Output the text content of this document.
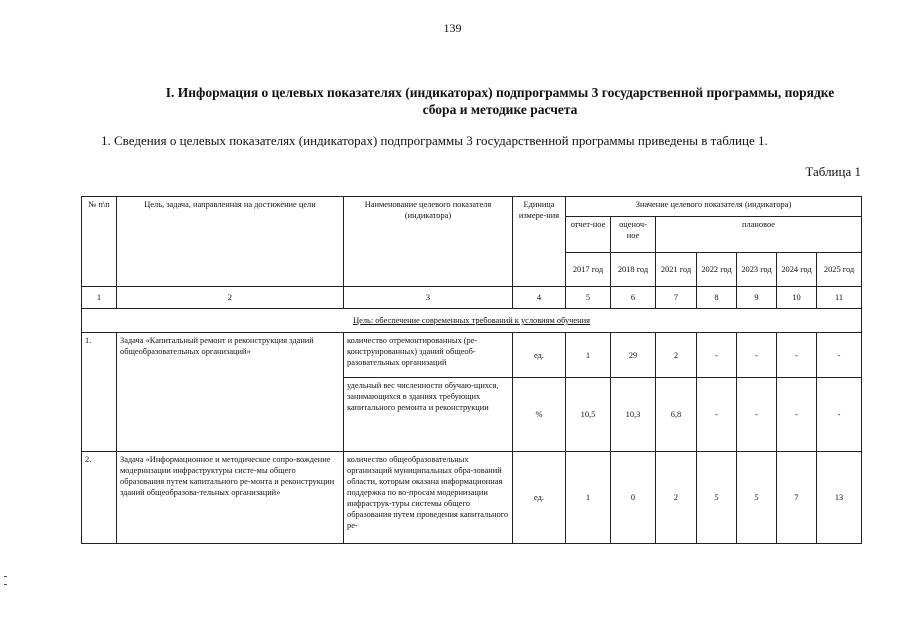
139
I. Информация о целевых показателях (индикаторах) подпрограммы 3 государственной программы, порядке сбора и методике расчета
1. Сведения о целевых показателях (индикаторах) подпрограммы 3 государственной программы приведены в таблице 1.
Таблица 1
№ п\п	Цель, задача, направленная на достижение цели	Наименование целевого показателя (индикатора)	Единица измере-ния	Значение целевого показателя (индикатора)						
				отчет-ное	оценоч-ное	плановое				
				2017 год	2018 год	2021 год	2022 год	2023 год	2024 год	2025 год
1	2	3	4	5	6	7	8	9	10	11
Цель: обеспечение современных требований к условиям обучения										
1.	Задача «Капитальный ремонт и реконструкция зданий общеобразовательных организаций»	количество отремонтированных (ре-конструированных) зданий общеоб-разовательных организаций	ед.	1	29	2	-	-	-	-
		удельный вес численности обучаю-щихся, занимающихся в зданиях требующих капитального ремонта и реконструкции	%	10,5	10,3	6,8	-	-	-	-
2.	Задача «Информационное и методическое сопро-вождение модернизации инфраструктуры систе-мы общего образования путем капитального ре-монта и реконструкции зданий общеобразова-тельных организаций»	количество общеобразовательных организаций муниципальных обра-зований области, которым оказана информационная поддержка по во-просам модернизации инфраструк-туры системы общего образования путем проведения капитального ре-	ед.	1	0	2	5	5	7	13
